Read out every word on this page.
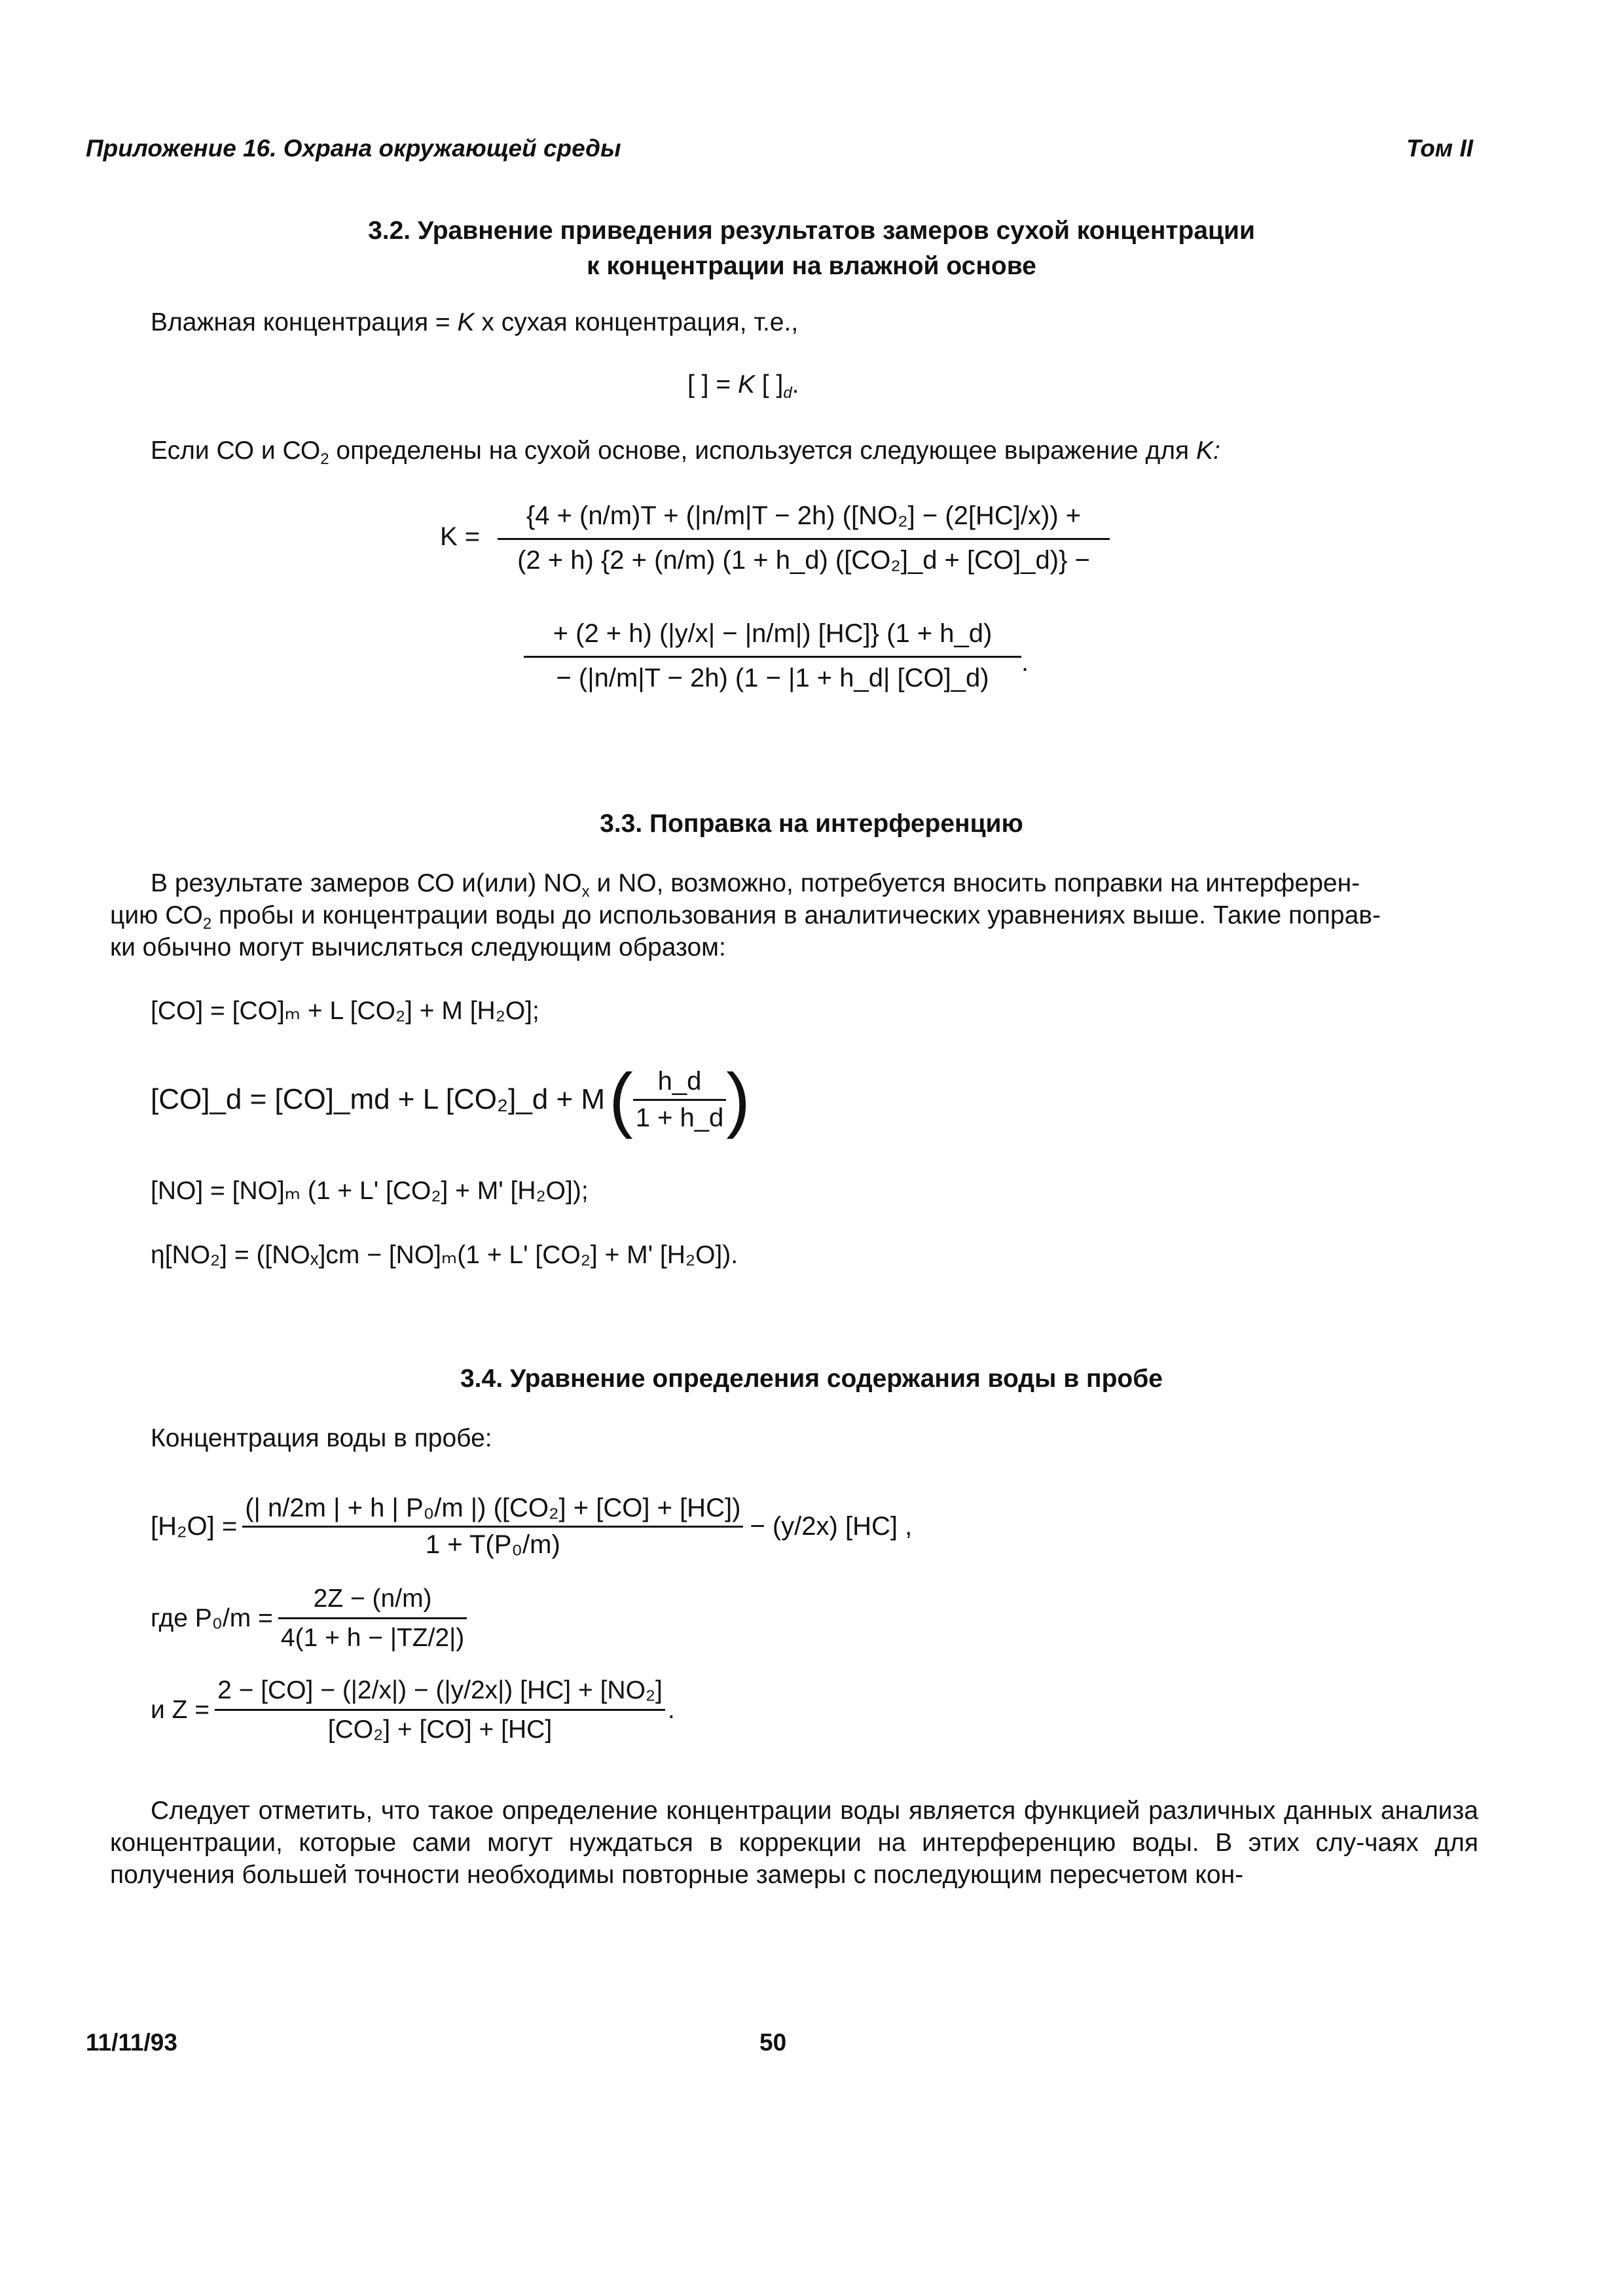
Приложение 16. Охрана окружающей среды	Том II
3.2. Уравнение приведения результатов замеров сухой концентрации
к концентрации на влажной основе
Влажная концентрация = K х сухая концентрация, т.е.,
[ ] = K [ ]$_d$.
Если СО и $СО_2$ определены на сухой основе, используется следующее выражение для K:
K =
{4 + (n/m)T + (|n/m|T − 2h) ([NO₂] − (2[HC]/x)) +
(2 + h) {2 + (n/m) (1 + h_d) ([CO₂]_d + [CO]_d)} −
+ (2 + h) (|y/x| − |n/m|) [HC]} (1 + h_d)
− (|n/m|T − 2h) (1 − |1 + h_d| [CO]_d)
.
3.3. Поправка на интерференцию
В результате замеров СО и(или) $NO_x$ и NO, возможно, потребуется вносить поправки на интерферен-
цию $СО_2$ пробы и концентрации воды до использования в аналитических уравнениях выше. Такие поправ-
ки обычно могут вычисляться следующим образом:
[CO] = [CO]ₘ + L [CO₂] + M [H₂O];
[CO]_d = [CO]_md + L [CO₂]_d + M ( $\frac{h\_d}{1 + h\_d}$ )
[NO] = [NO]ₘ (1 + L' [CO₂] + M' [H₂O]);
η[NO₂] = ([NOₓ]cm − [NO]ₘ(1 + L' [CO₂] + M' [H₂O]).
3.4. Уравнение определения содержания воды в пробе
Концентрация воды в пробе:
$[H_2O] = \frac{\text{(| n/2m | + h | P₀/m |) ([CO₂] + [CO] + [HC])}}{\text{1 + T(P₀/m)}} - (y/2x)$ [HC] ,
где $P_0/m = \frac{2Z - (n/m)}{4(1 + h - |TZ/2|)}$
и $Z = \frac{\text{2 − [CO] − (|2/x|) − (|y/2x|) [HC] + [NO₂]}}{\text{[CO₂] + [CO] + [HC]}}$ .
Следует отметить, что такое определение концентрации воды является функцией различных данных анализа концентрации, которые сами могут нуждаться в коррекции на интерференцию воды. В этих слу-чаях для получения большей точности необходимы повторные замеры с последующим пересчетом кон-
11/11/93	50
